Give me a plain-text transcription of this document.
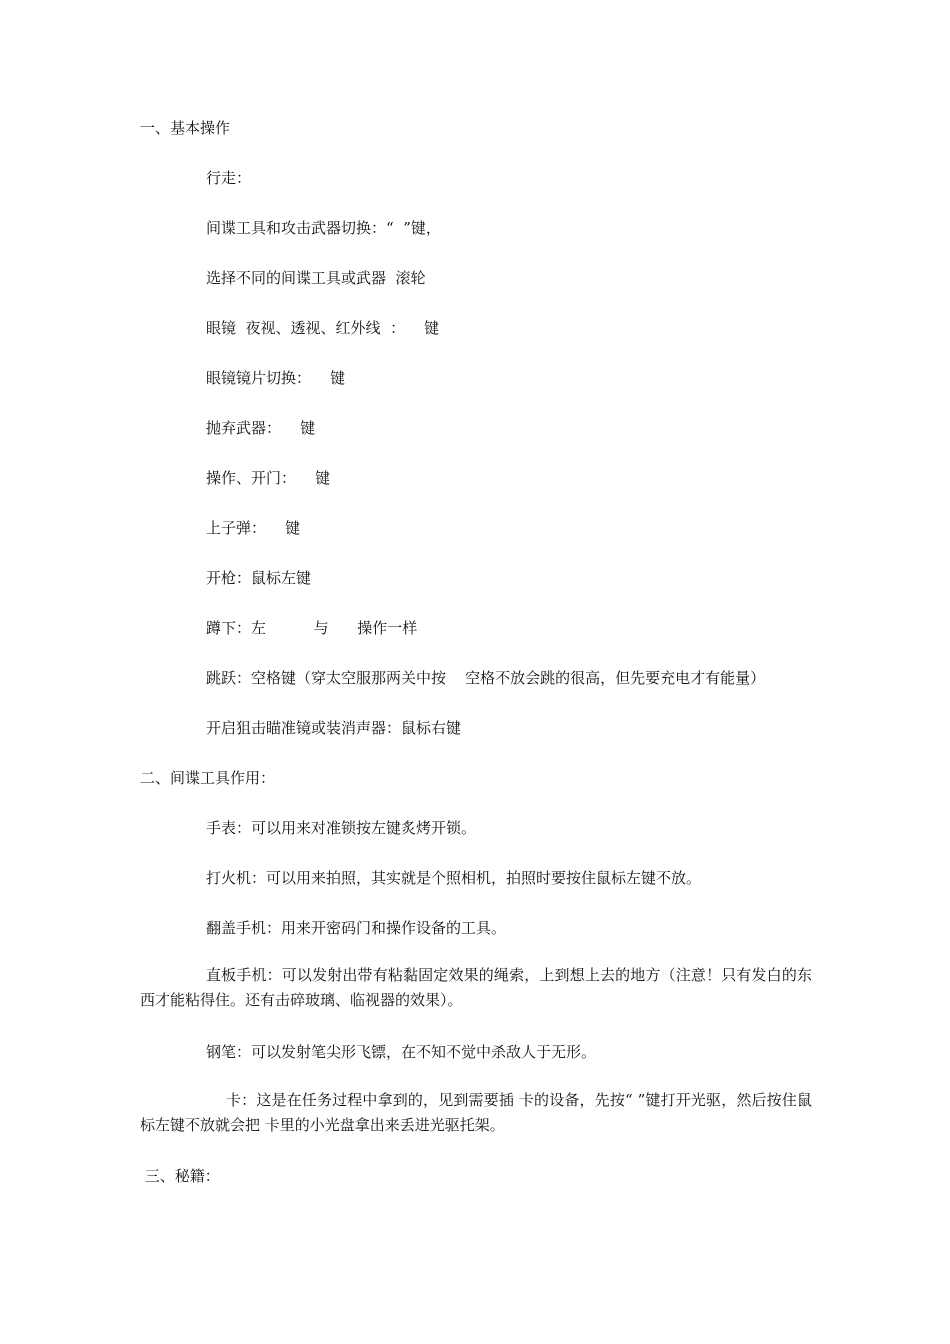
一、基本操作
行走：
间谍工具和攻击武器切换：“  ”键，
选择不同的间谍工具或武器  滚轮
眼镜  夜视、透视、红外线  ：    键
眼镜镜片切换：    键
抛弃武器：    键
操作、开门：    键
上子弹：    键
开枪：鼠标左键
蹲下：左          与      操作一样
跳跃：空格键（穿太空服那两关中按    空格不放会跳的很高，但先要充电才有能量）
开启狙击瞄准镜或装消声器：鼠标右键
二、间谍工具作用：
手表：可以用来对准锁按左键炙烤开锁。
打火机：可以用来拍照，其实就是个照相机，拍照时要按住鼠标左键不放。
翻盖手机：用来开密码门和操作设备的工具。
直板手机：可以发射出带有粘黏固定效果的绳索，上到想上去的地方（注意！只有发白的东西才能粘得住。还有击碎玻璃、临视器的效果）。
钢笔：可以发射笔尖形飞镖，在不知不觉中杀敌人于无形。
卡：这是在任务过程中拿到的，见到需要插 卡的设备，先按“ ”键打开光驱，然后按住鼠标左键不放就会把 卡里的小光盘拿出来丢进光驱托架。
三、秘籍：
